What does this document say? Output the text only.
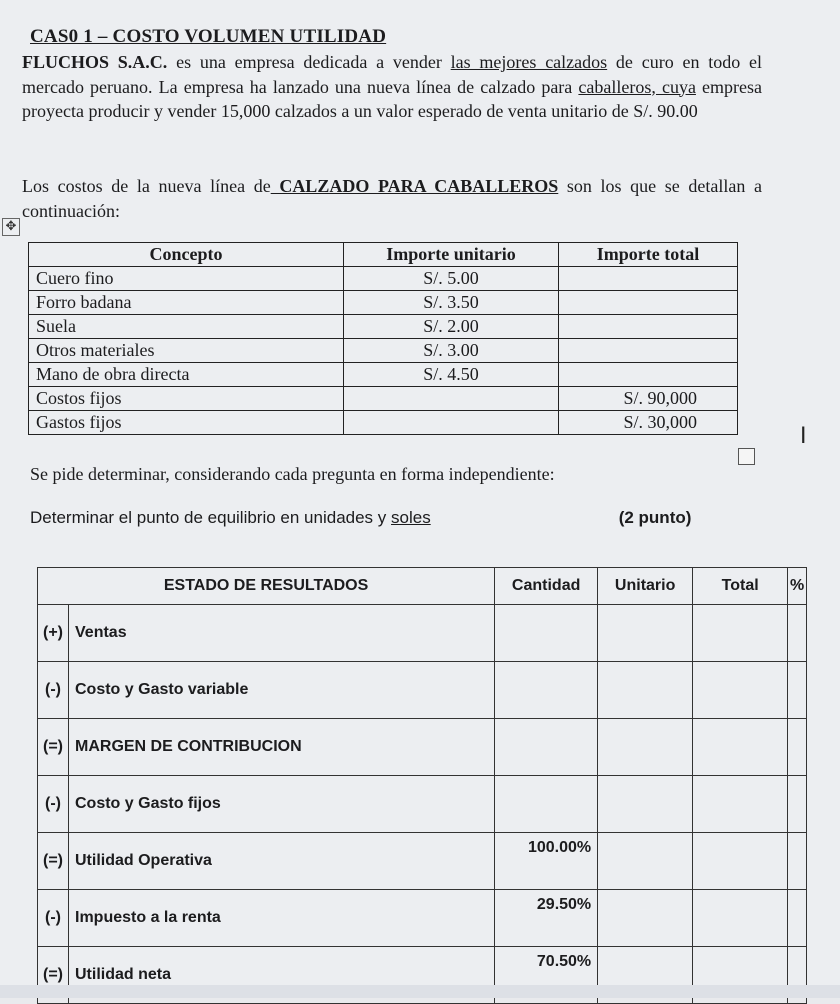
CAS0 1 – COSTO VOLUMEN UTILIDAD
FLUCHOS S.A.C. es una empresa dedicada a vender las mejores calzados de curo en todo el mercado peruano. La empresa ha lanzado una nueva línea de calzado para caballeros, cuya empresa proyecta producir y vender 15,000 calzados a un valor esperado de venta unitario de S/. 90.00
Los costos de la nueva línea de CALZADO PARA CABALLEROS son los que se detallan a continuación:
✥
Concepto	Importe unitario	Importe total
Cuero fino	S/. 5.00	
Forro badana	S/. 3.50	
Suela	S/. 2.00	
Otros materiales	S/. 3.00	
Mano de obra directa	S/. 4.50	
Costos fijos		S/. 90,000
Gastos fijos		S/. 30,000
I
Se pide determinar, considerando cada pregunta en forma independiente:
Determinar el punto de equilibrio en unidades y soles	(2 punto)
ESTADO DE RESULTADOS		Cantidad	Unitario	Total	%
(+)	Ventas				
(-)	Costo y Gasto variable				
(=)	MARGEN DE CONTRIBUCION				
(-)	Costo y Gasto fijos				
(=)	Utilidad Operativa	100.00%			
(-)	Impuesto a la renta	29.50%			
(=)	Utilidad neta	70.50%			
